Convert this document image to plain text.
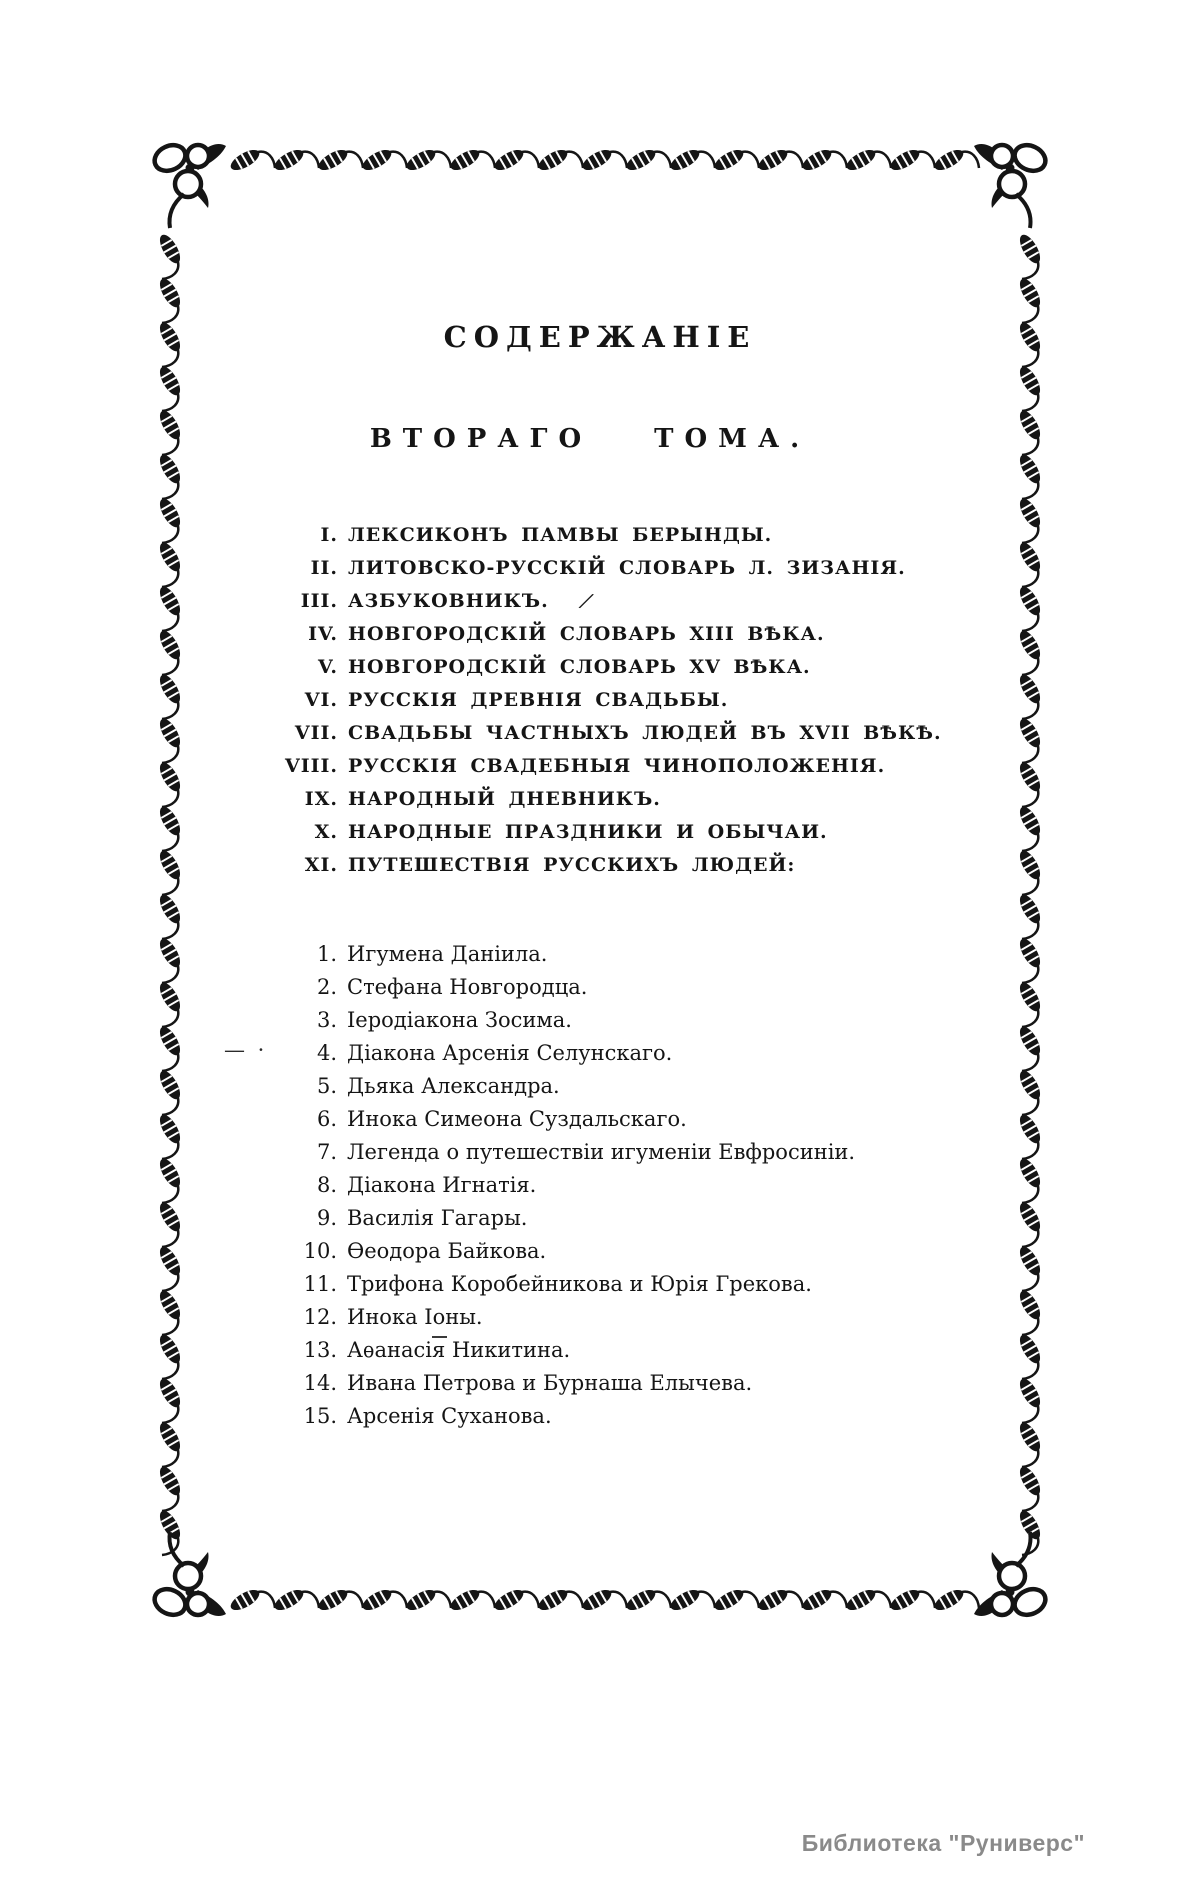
СОДЕРЖАНІЕ
ВТОРАГО ТОМА.
I. ЛЕКСИКОНЪ ПАМВЫ БЕРЫНДЫ.
II. ЛИТОВСКО-РУССКІЙ СЛОВАРЬ Л. ЗИЗАНІЯ.
III. АЗБУКОВНИКЪ.
IV. НОВГОРОДСКІЙ СЛОВАРЬ XIII ВѢКА.
V. НОВГОРОДСКІЙ СЛОВАРЬ XV ВѢКА.
VI. РУССКІЯ ДРЕВНІЯ СВАДЬБЫ.
VII. СВАДЬБЫ ЧАСТНЫХЪ ЛЮДЕЙ ВЪ XVII ВѢКѢ.
VIII. РУССКІЯ СВАДЕБНЫЯ ЧИНОПОЛОЖЕНІЯ.
IX. НАРОДНЫЙ ДНЕВНИКЪ.
X. НАРОДНЫЕ ПРАЗДНИКИ И ОБЫЧАИ.
XI. ПУТЕШЕСТВІЯ РУССКИХЪ ЛЮДЕЙ:
⁄
— ·
1. Игумена Даніила.
2. Стефана Новгородца.
3. Іеродіакона Зосима.
4. Діакона Арсенія Селунскаго.
5. Дьяка Александра.
6. Инока Симеона Суздальскаго.
7. Легенда о путешествіи игуменіи Евфросиніи.
8. Діакона Игнатія.
9. Василія Гагары.
10. Ѳеодора Байкова.
11. Трифона Коробейникова и Юрія Грекова.
12. Инока Іоны.
13. Аѳанасія Никитина.
14. Ивана Петрова и Бурнаша Елычева.
15. Арсенія Суханова.
Библиотека "Руниверс"
